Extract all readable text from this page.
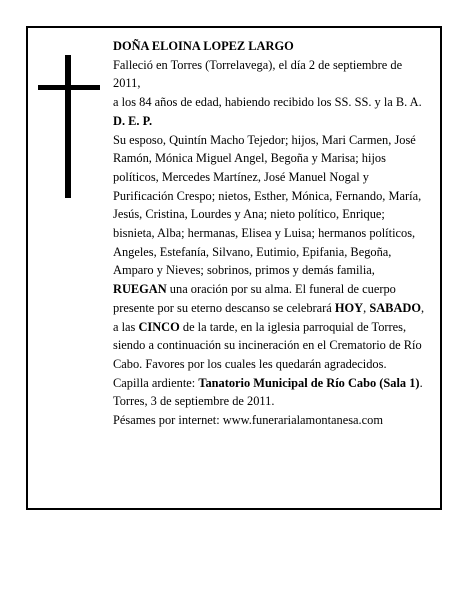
DOÑA ELOINA LOPEZ LARGO

Falleció en Torres (Torrelavega), el día 2 de septiembre de 2011,

a los 84 años de edad, habiendo recibido los SS. SS. y la B. A.

D. E. P.

Su esposo, Quintín Macho Tejedor; hijos, Mari Carmen, José Ramón, Mónica Miguel Angel, Begoña y Marisa; hijos políticos, Mercedes Martínez, José Manuel Nogal y Purificación Crespo; nietos, Esther, Mónica, Fernando, María, Jesús, Cristina, Lourdes y Ana; nieto político, Enrique; bisnieta, Alba; hermanas, Elisea y Luisa; hermanos políticos, Angeles, Estefanía, Silvano, Eutimio, Epifania, Begoña, Amparo y Nieves; sobrinos, primos y demás familia,

RUEGAN una oración por su alma. El funeral de cuerpo presente por su eterno descanso se celebrará HOY, SABADO, a las CINCO de la tarde, en la iglesia parroquial de Torres, siendo a continuación su incineración en el Crematorio de Río Cabo. Favores por los cuales les quedarán agradecidos.

Capilla ardiente: Tanatorio Municipal de Río Cabo (Sala 1).

Torres, 3 de septiembre de 2011.

Pésames por internet: www.funerarialamontanesa.com
